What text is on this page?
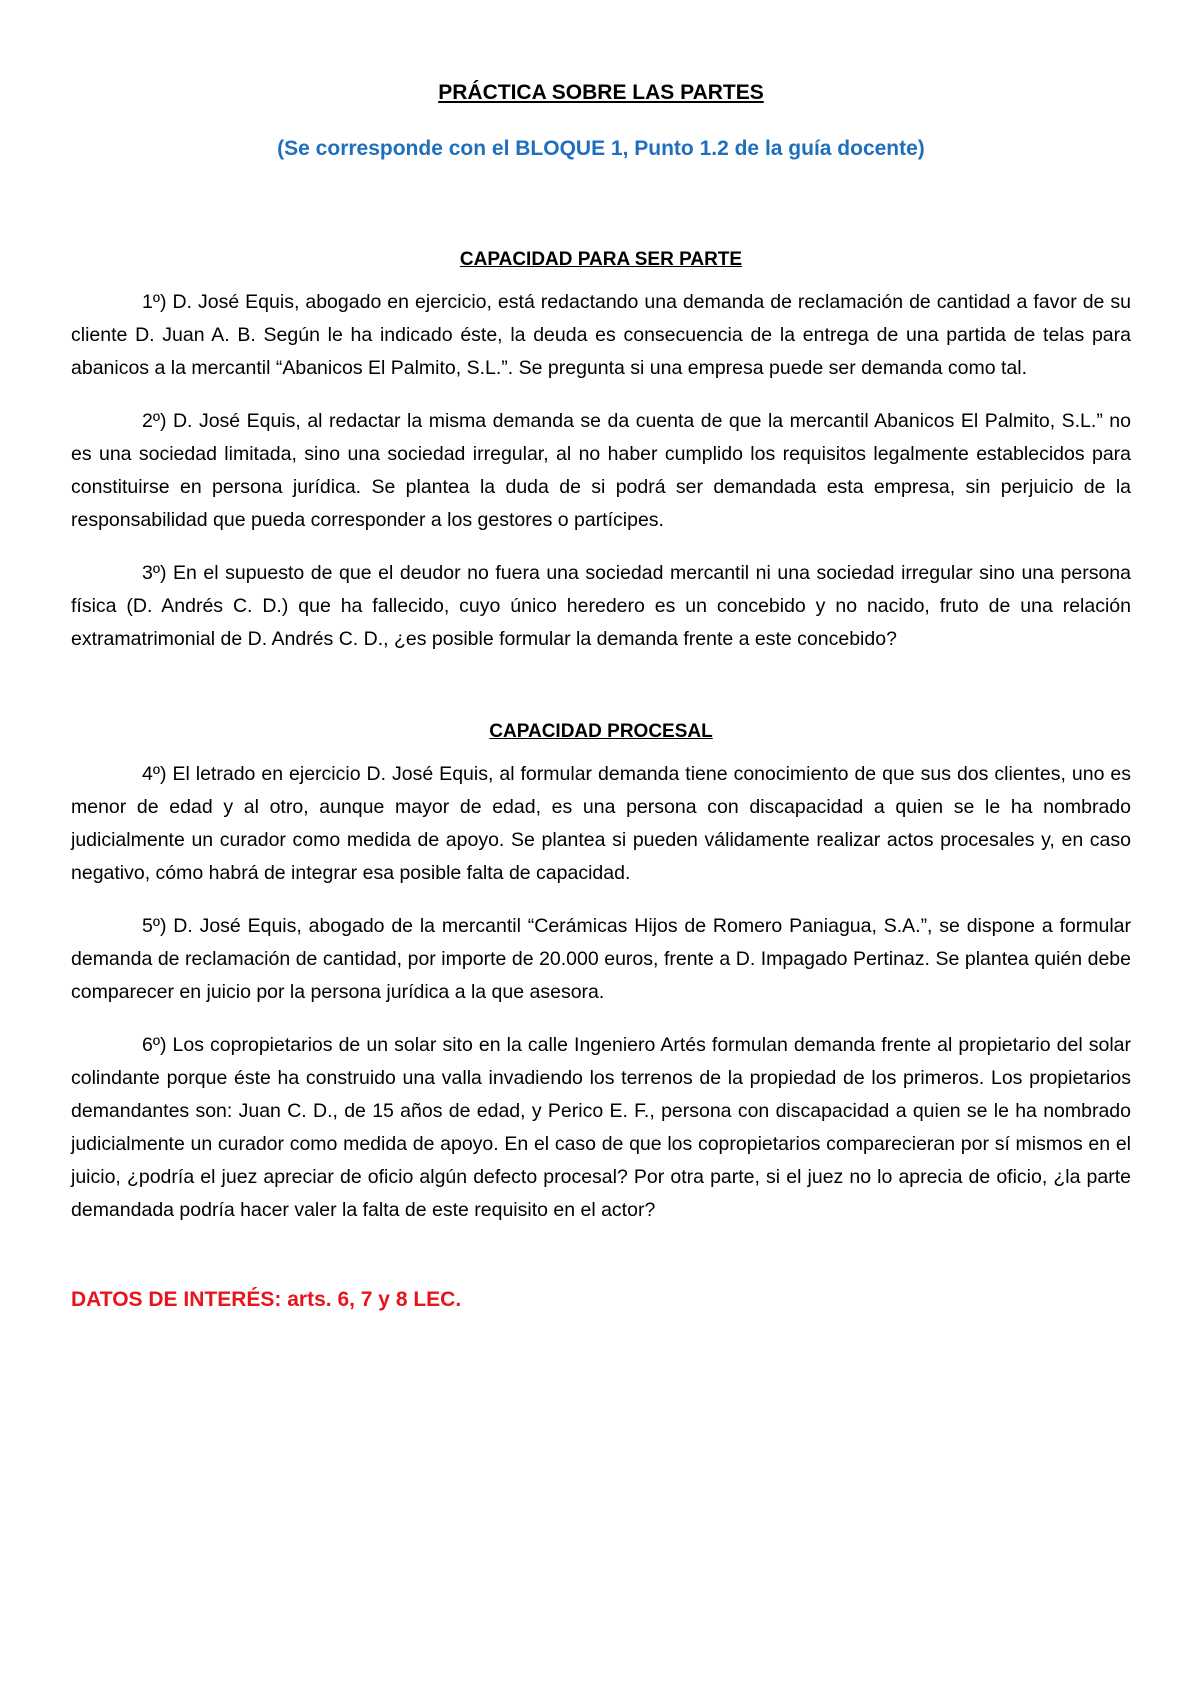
PRÁCTICA SOBRE LAS PARTES

(Se corresponde con el BLOQUE 1, Punto 1.2 de la guía docente)

CAPACIDAD PARA SER PARTE

1º) D. José Equis, abogado en ejercicio, está redactando una demanda de reclamación de cantidad a favor de su cliente D. Juan A. B. Según le ha indicado éste, la deuda es consecuencia de la entrega de una partida de telas para abanicos a la mercantil “Abanicos El Palmito, S.L.”. Se pregunta si una empresa puede ser demanda como tal.

2º) D. José Equis, al redactar la misma demanda se da cuenta de que la mercantil Abanicos El Palmito, S.L.” no es una sociedad limitada, sino una sociedad irregular, al no haber cumplido los requisitos legalmente establecidos para constituirse en persona jurídica. Se plantea la duda de si podrá ser demandada esta empresa, sin perjuicio de la responsabilidad que pueda corresponder a los gestores o partícipes.

3º) En el supuesto de que el deudor no fuera una sociedad mercantil ni una sociedad irregular sino una persona física (D. Andrés C. D.) que ha fallecido, cuyo único heredero es un concebido y no nacido, fruto de una relación extramatrimonial de D. Andrés C. D., ¿es posible formular la demanda frente a este concebido?

CAPACIDAD PROCESAL

4º) El letrado en ejercicio D. José Equis, al formular demanda tiene conocimiento de que sus dos clientes, uno es menor de edad y al otro, aunque mayor de edad, es una persona con discapacidad a quien se le ha nombrado judicialmente un curador como medida de apoyo. Se plantea si pueden válidamente realizar actos procesales y, en caso negativo, cómo habrá de integrar esa posible falta de capacidad.

5º) D. José Equis, abogado de la mercantil “Cerámicas Hijos de Romero Paniagua, S.A.”, se dispone a formular demanda de reclamación de cantidad, por importe de 20.000 euros, frente a D. Impagado Pertinaz. Se plantea quién debe comparecer en juicio por la persona jurídica a la que asesora.

6º) Los copropietarios de un solar sito en la calle Ingeniero Artés formulan demanda frente al propietario del solar colindante porque éste ha construido una valla invadiendo los terrenos de la propiedad de los primeros. Los propietarios demandantes son: Juan C. D., de 15 años de edad, y Perico E. F., persona con discapacidad a quien se le ha nombrado judicialmente un curador como medida de apoyo. En el caso de que los copropietarios comparecieran por sí mismos en el juicio, ¿podría el juez apreciar de oficio algún defecto procesal? Por otra parte, si el juez no lo aprecia de oficio, ¿la parte demandada podría hacer valer la falta de este requisito en el actor?

DATOS DE INTERÉS: arts. 6, 7 y 8 LEC.
